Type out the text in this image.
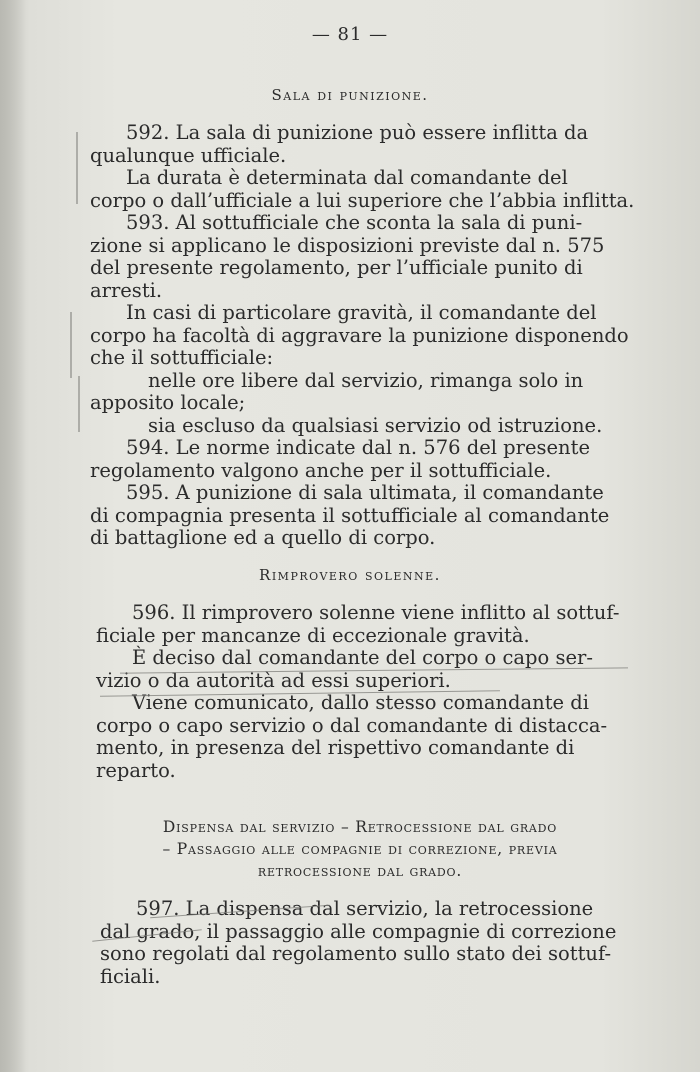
— 81 —
Sala di punizione.
592. La sala di punizione può essere inflitta da
qualunque ufficiale.
La durata è determinata dal comandante del
corpo o dall’ufficiale a lui superiore che l’abbia inflitta.
593. Al sottufficiale che sconta la sala di puni-
zione si applicano le disposizioni previste dal n. 575
del presente regolamento, per l’ufficiale punito di
arresti.
In casi di particolare gravità, il comandante del
corpo ha facoltà di aggravare la punizione disponendo
che il sottufficiale:
nelle ore libere dal servizio, rimanga solo in
apposito locale;
sia escluso da qualsiasi servizio od istruzione.
594. Le norme indicate dal n. 576 del presente
regolamento valgono anche per il sottufficiale.
595. A punizione di sala ultimata, il comandante
di compagnia presenta il sottufficiale al comandante
di battaglione ed a quello di corpo.
Rimprovero solenne.
596. Il rimprovero solenne viene inflitto al sottuf-
ficiale per mancanze di eccezionale gravità.
È deciso dal comandante del corpo o capo ser-
vizio o da autorità ad essi superiori.
Viene comunicato, dallo stesso comandante di
corpo o capo servizio o dal comandante di distacca-
mento, in presenza del rispettivo comandante di
reparto.
Dispensa dal servizio – Retrocessione dal grado
– Passaggio alle compagnie di correzione, previa
retrocessione dal grado.
597. La dispensa dal servizio, la retrocessione
dal grado, il passaggio alle compagnie di correzione
sono regolati dal regolamento sullo stato dei sottuf-
ficiali.
